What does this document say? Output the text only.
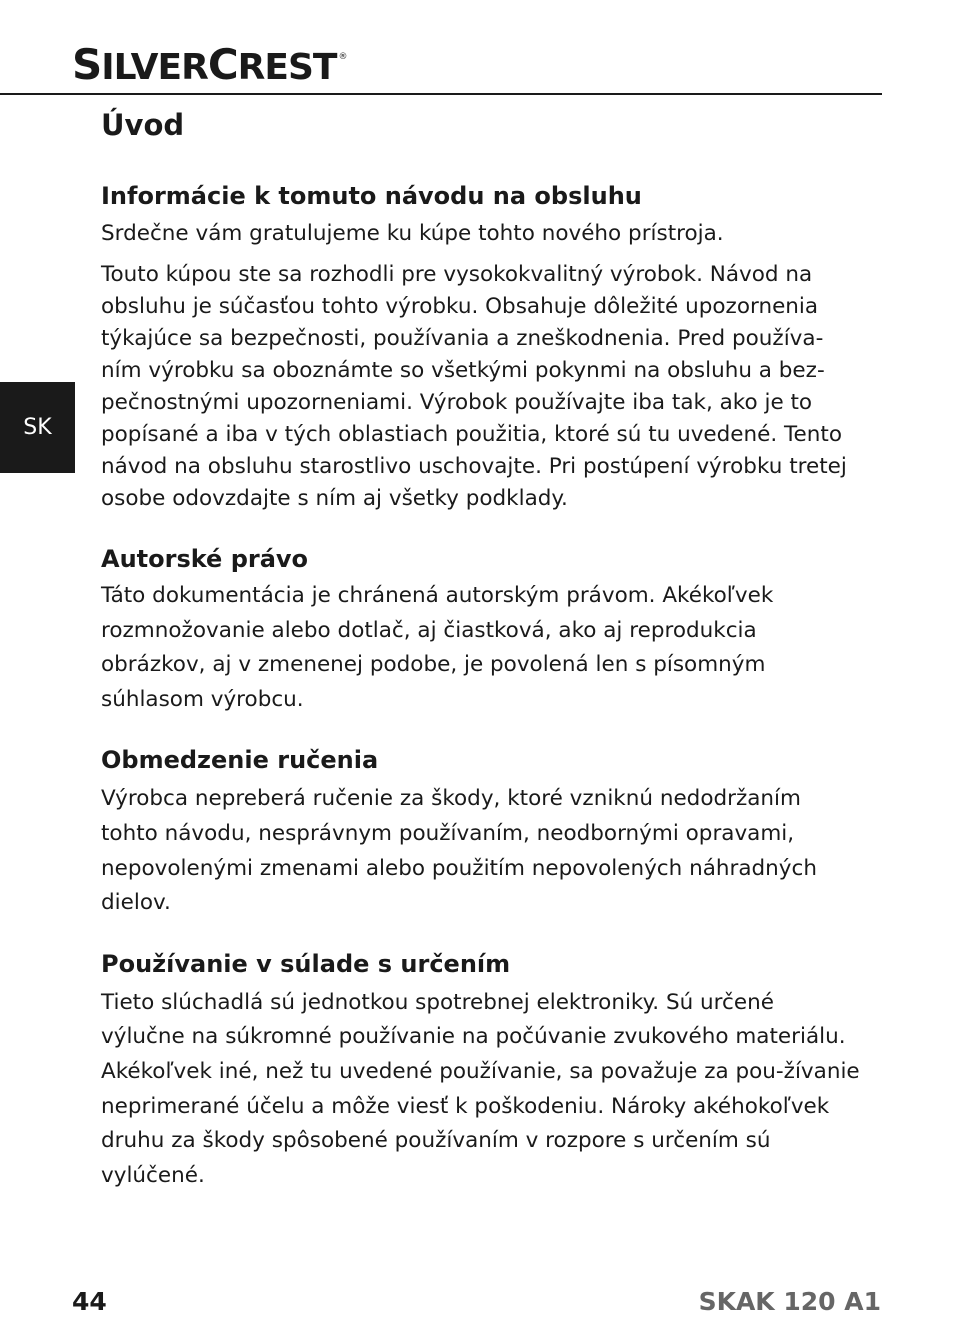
SILVERCREST ®
SK
Úvod
Informácie k tomuto návodu na obsluhu

Srdečne vám gratulujeme ku kúpe tohto nového prístroja.

Touto kúpou ste sa rozhodli pre vysokokvalitný výrobok. Návod na obsluhu je súčasťou tohto výrobku. Obsahuje dôležité upozornenia týkajúce sa bezpečnosti, používania a zneškodnenia. Pred používa-ním výrobku sa oboznámte so všetkými pokynmi na obsluhu a bez-pečnostnými upozorneniami. Výrobok používajte iba tak, ako je to popísané a iba v tých oblastiach použitia, ktoré sú tu uvedené. Tento návod na obsluhu starostlivo uschovajte. Pri postúpení výrobku tretej osobe odovzdajte s ním aj všetky podklady.

Autorské právo

Táto dokumentácia je chránená autorským právom. Akékoľvek rozmnožovanie alebo dotlač, aj čiastková, ako aj reprodukcia obrázkov, aj v zmenenej podobe, je povolená len s písomným súhlasom výrobcu.

Obmedzenie ručenia

Výrobca nepreberá ručenie za škody, ktoré vzniknú nedodržaním tohto návodu, nesprávnym používaním, neodbornými opravami, nepovolenými zmenami alebo použitím nepovolených náhradných dielov.

Používanie v súlade s určením

Tieto slúchadlá sú jednotkou spotrebnej elektroniky. Sú určené výlučne na súkromné používanie na počúvanie zvukového materiálu. Akékoľvek iné, než tu uvedené používanie, sa považuje za pou-žívanie neprimerané účelu a môže viesť k poškodeniu. Nároky akéhokoľvek druhu za škody spôsobené používaním v rozpore s určením sú vylúčené.

44	SKAK 120 A1
